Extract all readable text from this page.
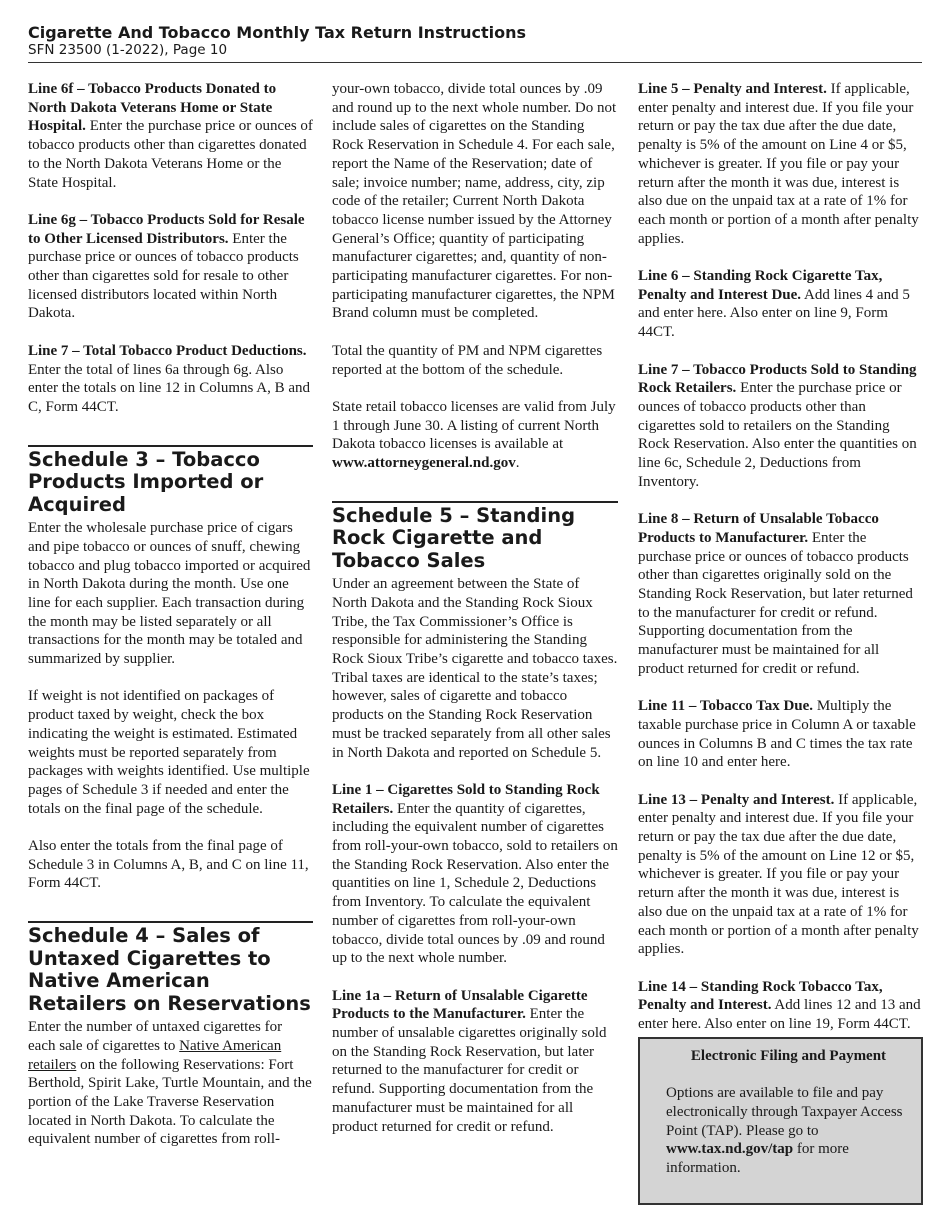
Cigarette And Tobacco Monthly Tax Return Instructions
SFN 23500 (1-2022), Page 10

Line 6f – Tobacco Products Donated to North Dakota Veterans Home or State Hospital. Enter the purchase price or ounces of tobacco products other than cigarettes donated to the North Dakota Veterans Home or the State Hospital.

Line 6g – Tobacco Products Sold for Resale to Other Licensed Distributors. Enter the purchase price or ounces of tobacco products other than cigarettes sold for resale to other licensed distributors located within North Dakota.

Line 7 – Total Tobacco Product Deductions. Enter the total of lines 6a through 6g. Also enter the totals on line 12 in Columns A, B and C, Form 44CT.

Schedule 3 – Tobacco Products Imported or Acquired

Enter the wholesale purchase price of cigars and pipe tobacco or ounces of snuff, chewing tobacco and plug tobacco imported or acquired in North Dakota during the month. Use one line for each supplier. Each transaction during the month may be listed separately or all transactions for the month may be totaled and summarized by supplier.

If weight is not identified on packages of product taxed by weight, check the box indicating the weight is estimated. Estimated weights must be reported separately from packages with weights identified. Use multiple pages of Schedule 3 if needed and enter the totals on the final page of the schedule.

Also enter the totals from the final page of Schedule 3 in Columns A, B, and C on line 11, Form 44CT.

Schedule 4 – Sales of Untaxed Cigarettes to Native American Retailers on Reservations

Enter the number of untaxed cigarettes for each sale of cigarettes to Native American retailers on the following Reservations: Fort Berthold, Spirit Lake, Turtle Mountain, and the portion of the Lake Traverse Reservation located in North Dakota. To calculate the equivalent number of cigarettes from roll-

your-own tobacco, divide total ounces by .09 and round up to the next whole number. Do not include sales of cigarettes on the Standing Rock Reservation in Schedule 4. For each sale, report the Name of the Reservation; date of sale; invoice number; name, address, city, zip code of the retailer; Current North Dakota tobacco license number issued by the Attorney General’s Office; quantity of participating manufacturer cigarettes; and, quantity of non-participating manufacturer cigarettes. For non-participating manufacturer cigarettes, the NPM Brand column must be completed.

Total the quantity of PM and NPM cigarettes reported at the bottom of the schedule.

State retail tobacco licenses are valid from July 1 through June 30. A listing of current North Dakota tobacco licenses is available at www.attorneygeneral.nd.gov.

Schedule 5 – Standing Rock Cigarette and Tobacco Sales

Under an agreement between the State of North Dakota and the Standing Rock Sioux Tribe, the Tax Commissioner’s Office is responsible for administering the Standing Rock Sioux Tribe’s cigarette and tobacco taxes. Tribal taxes are identical to the state’s taxes; however, sales of cigarette and tobacco products on the Standing Rock Reservation must be tracked separately from all other sales in North Dakota and reported on Schedule 5.

Line 1 – Cigarettes Sold to Standing Rock Retailers. Enter the quantity of cigarettes, including the equivalent number of cigarettes from roll-your-own tobacco, sold to retailers on the Standing Rock Reservation. Also enter the quantities on line 1, Schedule 2, Deductions from Inventory. To calculate the equivalent number of cigarettes from roll-your-own tobacco, divide total ounces by .09 and round up to the next whole number.

Line 1a – Return of Unsalable Cigarette Products to the Manufacturer. Enter the number of unsalable cigarettes originally sold on the Standing Rock Reservation, but later returned to the manufacturer for credit or refund. Supporting documentation from the manufacturer must be maintained for all product returned for credit or refund.

Line 5 – Penalty and Interest. If applicable, enter penalty and interest due. If you file your return or pay the tax due after the due date, penalty is 5% of the amount on Line 4 or $5, whichever is greater. If you file or pay your return after the month it was due, interest is also due on the unpaid tax at a rate of 1% for each month or portion of a month after penalty applies.

Line 6 – Standing Rock Cigarette Tax, Penalty and Interest Due. Add lines 4 and 5 and enter here. Also enter on line 9, Form 44CT.

Line 7 – Tobacco Products Sold to Standing Rock Retailers. Enter the purchase price or ounces of tobacco products other than cigarettes sold to retailers on the Standing Rock Reservation. Also enter the quantities on line 6c, Schedule 2, Deductions from Inventory.

Line 8 – Return of Unsalable Tobacco Products to Manufacturer. Enter the purchase price or ounces of tobacco products other than cigarettes originally sold on the Standing Rock Reservation, but later returned to the manufacturer for credit or refund. Supporting documentation from the manufacturer must be maintained for all product returned for credit or refund.

Line 11 – Tobacco Tax Due. Multiply the taxable purchase price in Column A or taxable ounces in Columns B and C times the tax rate on line 10 and enter here.

Line 13 – Penalty and Interest. If applicable, enter penalty and interest due. If you file your return or pay the tax due after the due date, penalty is 5% of the amount on Line 12 or $5, whichever is greater. If you file or pay your return after the month it was due, interest is also due on the unpaid tax at a rate of 1% for each month or portion of a month after penalty applies.

Line 14 – Standing Rock Tobacco Tax, Penalty and Interest. Add lines 12 and 13 and enter here. Also enter on line 19, Form 44CT.

Electronic Filing and Payment

Options are available to file and pay electronically through Taxpayer Access Point (TAP). Please go to www.tax.nd.gov/tap for more information.
